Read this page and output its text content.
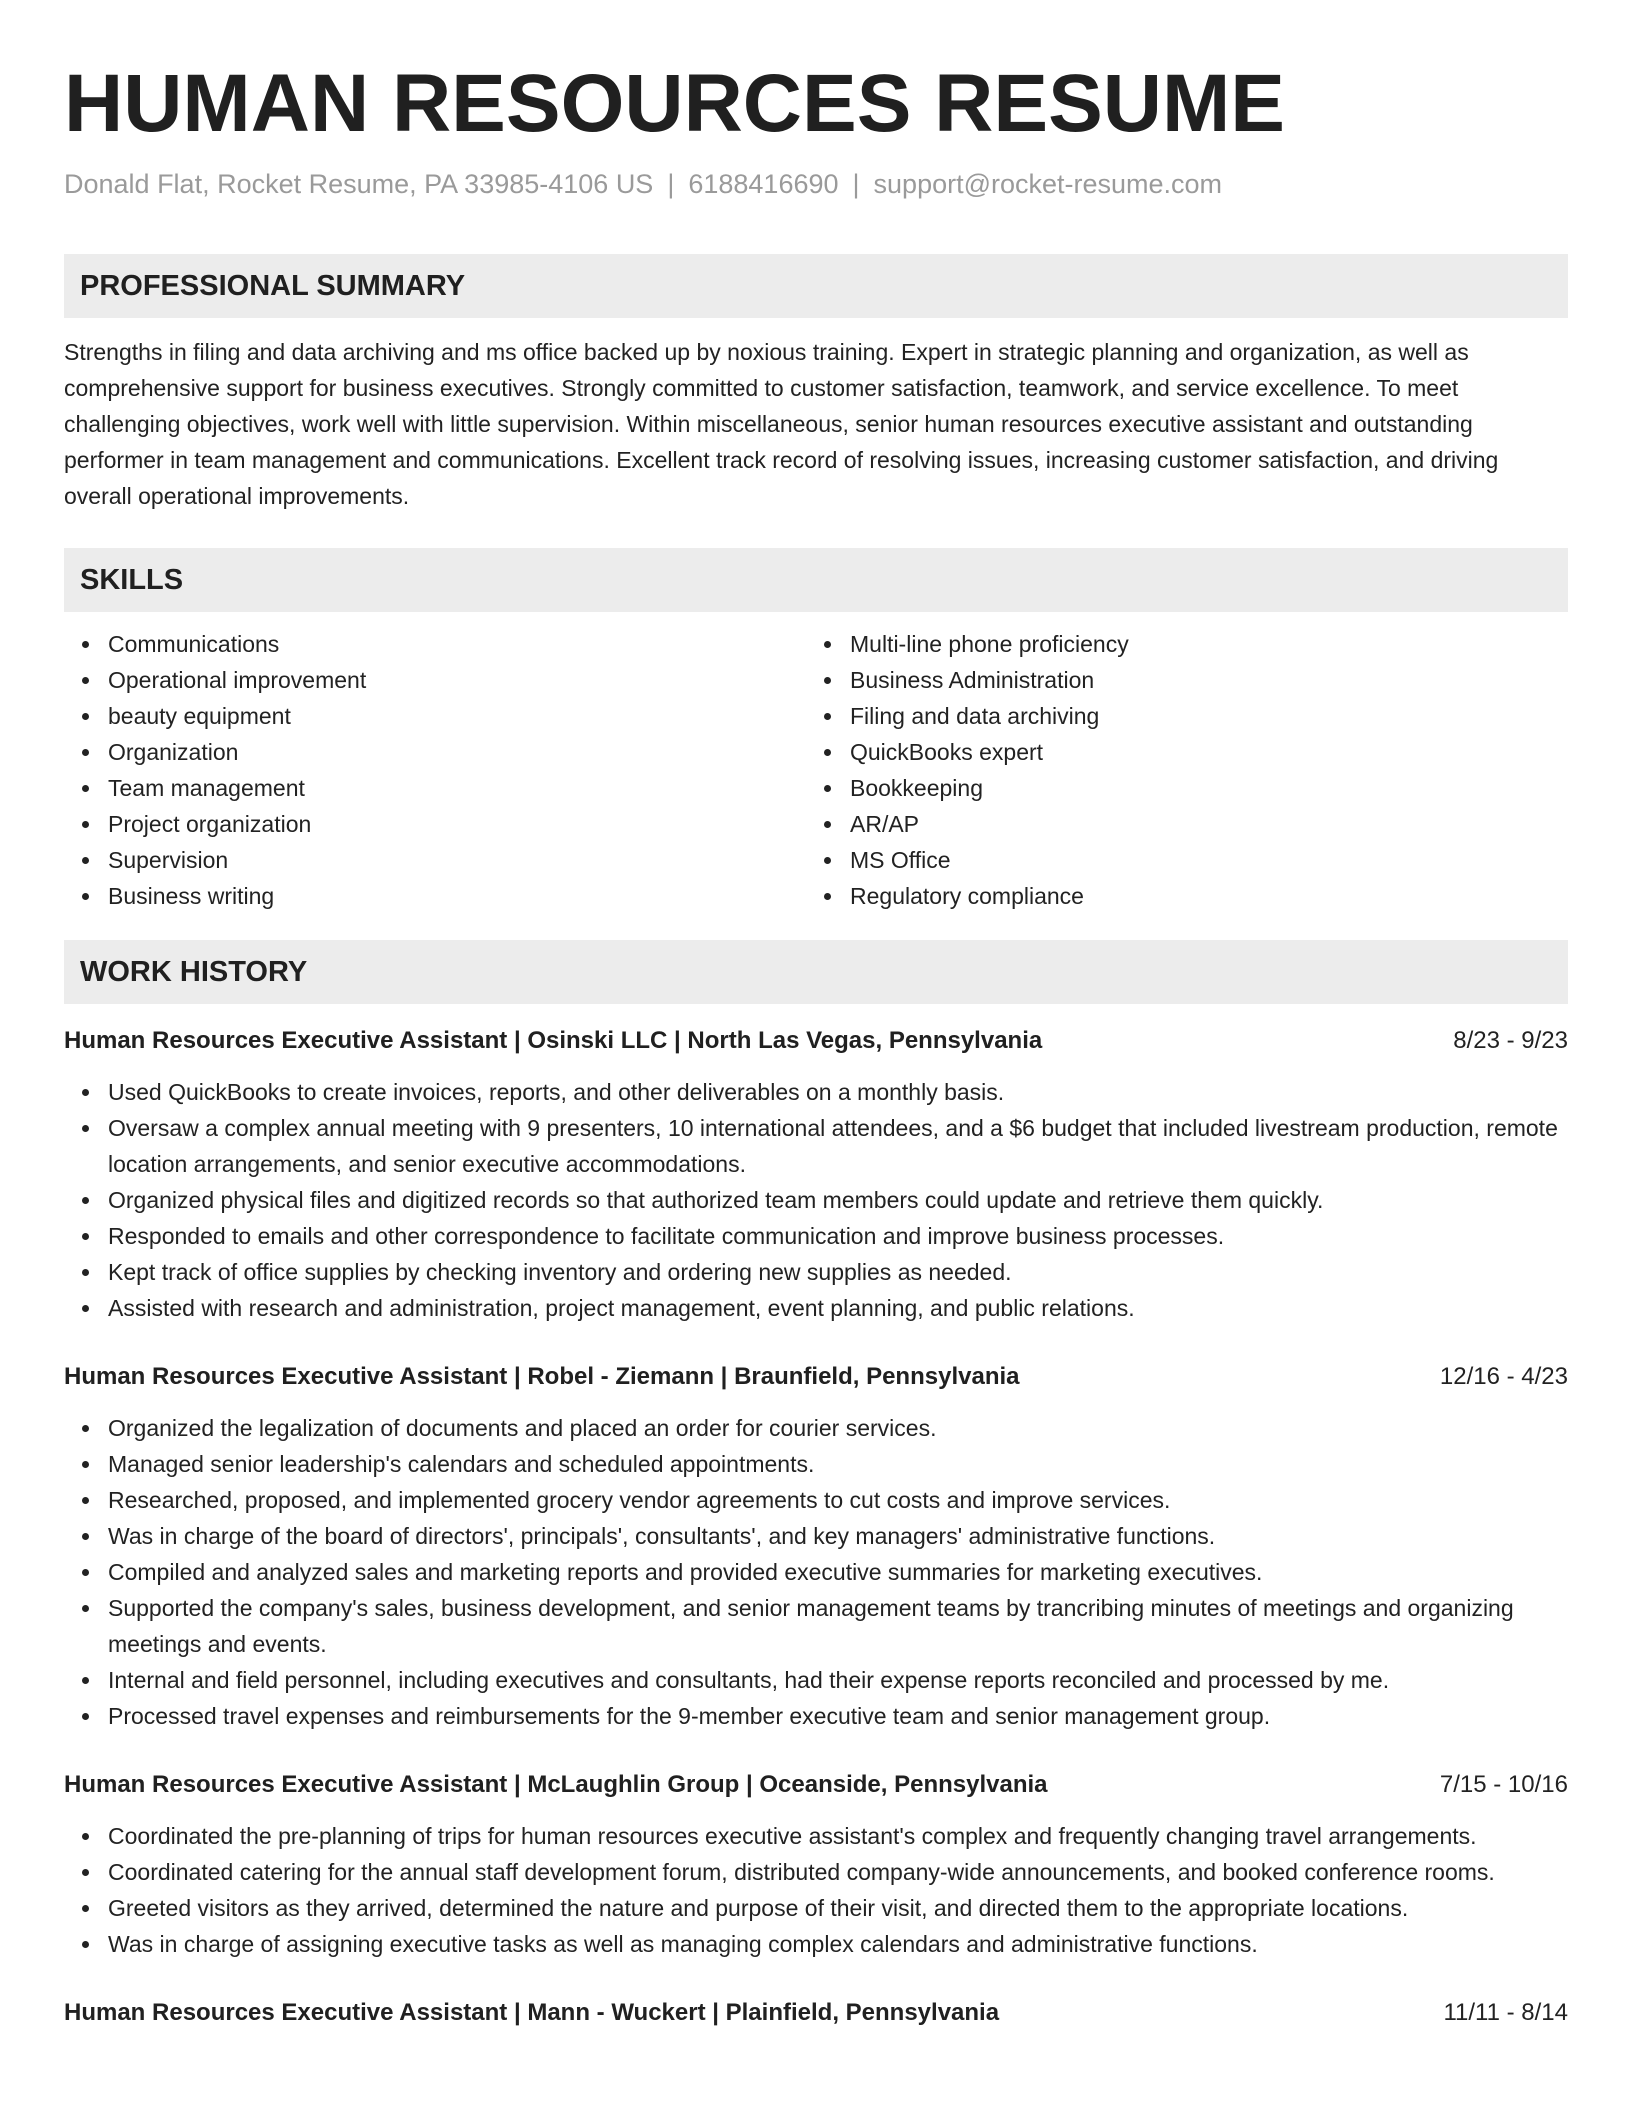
HUMAN RESOURCES RESUME
Donald Flat, Rocket Resume, PA 33985-4106 US | 6188416690 | support@rocket-resume.com
PROFESSIONAL SUMMARY

Strengths in filing and data archiving and ms office backed up by noxious training. Expert in strategic planning and organization, as well as comprehensive support for business executives. Strongly committed to customer satisfaction, teamwork, and service excellence. To meet challenging objectives, work well with little supervision. Within miscellaneous, senior human resources executive assistant and outstanding performer in team management and communications. Excellent track record of resolving issues, increasing customer satisfaction, and driving overall operational improvements.

SKILLS
Communications
Operational improvement
beauty equipment
Organization
Team management
Project organization
Supervision
Business writing
Multi-line phone proficiency
Business Administration
Filing and data archiving
QuickBooks expert
Bookkeeping
AR/AP
MS Office
Regulatory compliance
WORK HISTORY
Human Resources Executive Assistant | Osinski LLC | North Las Vegas, Pennsylvania	8/23 - 9/23
Used QuickBooks to create invoices, reports, and other deliverables on a monthly basis.
Oversaw a complex annual meeting with 9 presenters, 10 international attendees, and a $6 budget that included livestream production, remote location arrangements, and senior executive accommodations.
Organized physical files and digitized records so that authorized team members could update and retrieve them quickly.
Responded to emails and other correspondence to facilitate communication and improve business processes.
Kept track of office supplies by checking inventory and ordering new supplies as needed.
Assisted with research and administration, project management, event planning, and public relations.
Human Resources Executive Assistant | Robel - Ziemann | Braunfield, Pennsylvania	12/16 - 4/23
Organized the legalization of documents and placed an order for courier services.
Managed senior leadership's calendars and scheduled appointments.
Researched, proposed, and implemented grocery vendor agreements to cut costs and improve services.
Was in charge of the board of directors', principals', consultants', and key managers' administrative functions.
Compiled and analyzed sales and marketing reports and provided executive summaries for marketing executives.
Supported the company's sales, business development, and senior management teams by trancribing minutes of meetings and organizing meetings and events.
Internal and field personnel, including executives and consultants, had their expense reports reconciled and processed by me.
Processed travel expenses and reimbursements for the 9-member executive team and senior management group.
Human Resources Executive Assistant | McLaughlin Group | Oceanside, Pennsylvania	7/15 - 10/16
Coordinated the pre-planning of trips for human resources executive assistant's complex and frequently changing travel arrangements.
Coordinated catering for the annual staff development forum, distributed company-wide announcements, and booked conference rooms.
Greeted visitors as they arrived, determined the nature and purpose of their visit, and directed them to the appropriate locations.
Was in charge of assigning executive tasks as well as managing complex calendars and administrative functions.
Human Resources Executive Assistant | Mann - Wuckert | Plainfield, Pennsylvania	11/11 - 8/14
